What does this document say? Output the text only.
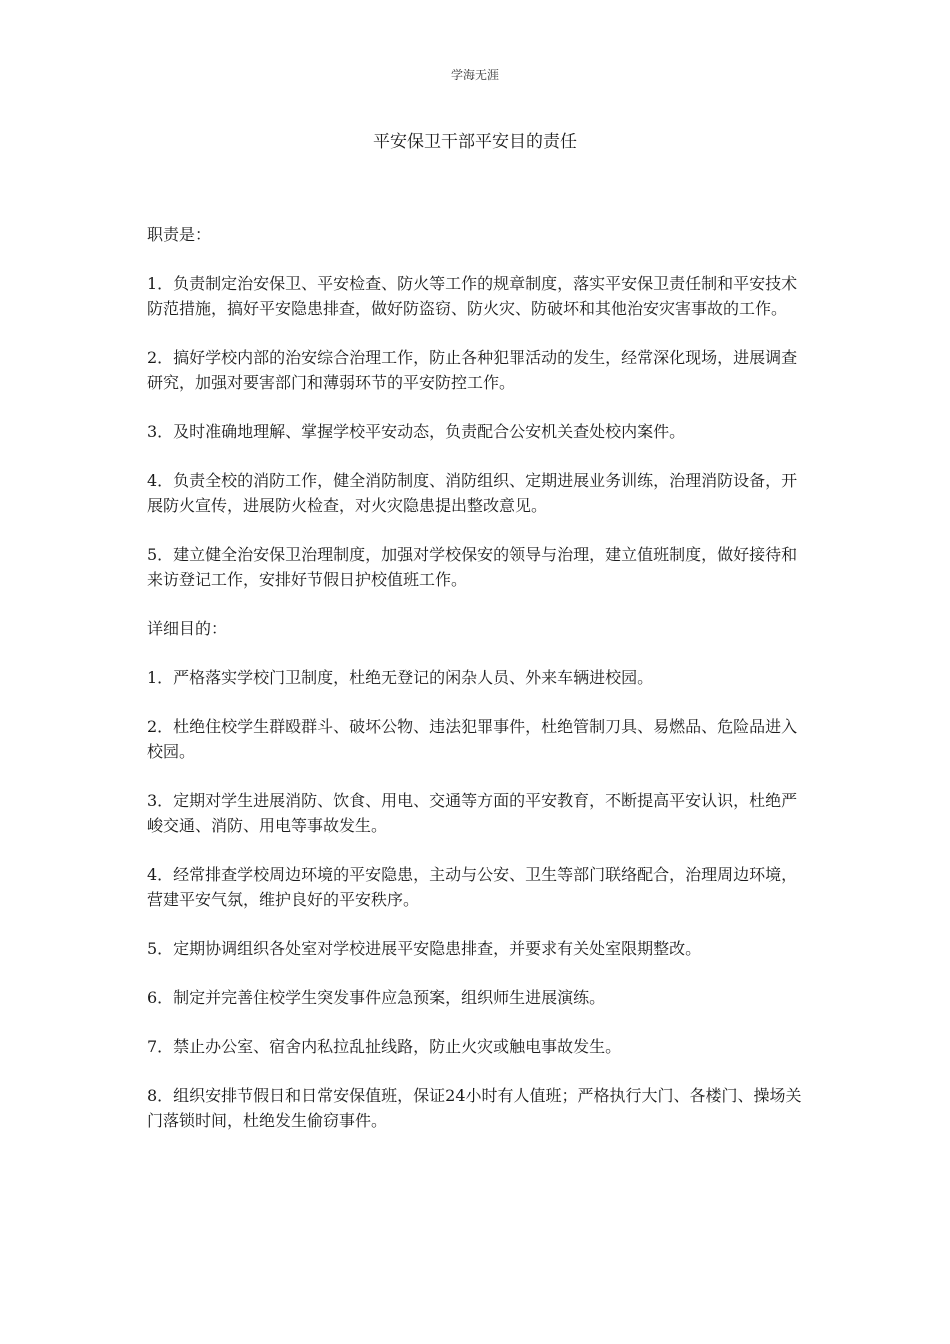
学海无涯
平安保卫干部平安目的责任

职责是：

1．负责制定治安保卫、平安检查、防火等工作的规章制度，落实平安保卫责任制和平安技术防范措施，搞好平安隐患排查，做好防盗窃、防火灾、防破坏和其他治安灾害事故的工作。

2．搞好学校内部的治安综合治理工作，防止各种犯罪活动的发生，经常深化现场，进展调查研究，加强对要害部门和薄弱环节的平安防控工作。

3．及时准确地理解、掌握学校平安动态，负责配合公安机关查处校内案件。

4．负责全校的消防工作，健全消防制度、消防组织、定期进展业务训练，治理消防设备，开展防火宣传，进展防火检查，对火灾隐患提出整改意见。

5．建立健全治安保卫治理制度，加强对学校保安的领导与治理，建立值班制度，做好接待和来访登记工作，安排好节假日护校值班工作。

详细目的：

1．严格落实学校门卫制度，杜绝无登记的闲杂人员、外来车辆进校园。

2．杜绝住校学生群殴群斗、破坏公物、违法犯罪事件，杜绝管制刀具、易燃品、危险品进入校园。

3．定期对学生进展消防、饮食、用电、交通等方面的平安教育，不断提高平安认识，杜绝严峻交通、消防、用电等事故发生。

4．经常排查学校周边环境的平安隐患，主动与公安、卫生等部门联络配合，治理周边环境，营建平安气氛，维护良好的平安秩序。

5．定期协调组织各处室对学校进展平安隐患排查，并要求有关处室限期整改。

6．制定并完善住校学生突发事件应急预案，组织师生进展演练。

7．禁止办公室、宿舍内私拉乱扯线路，防止火灾或触电事故发生。

8．组织安排节假日和日常安保值班，保证24小时有人值班；严格执行大门、各楼门、操场关门落锁时间，杜绝发生偷窃事件。
